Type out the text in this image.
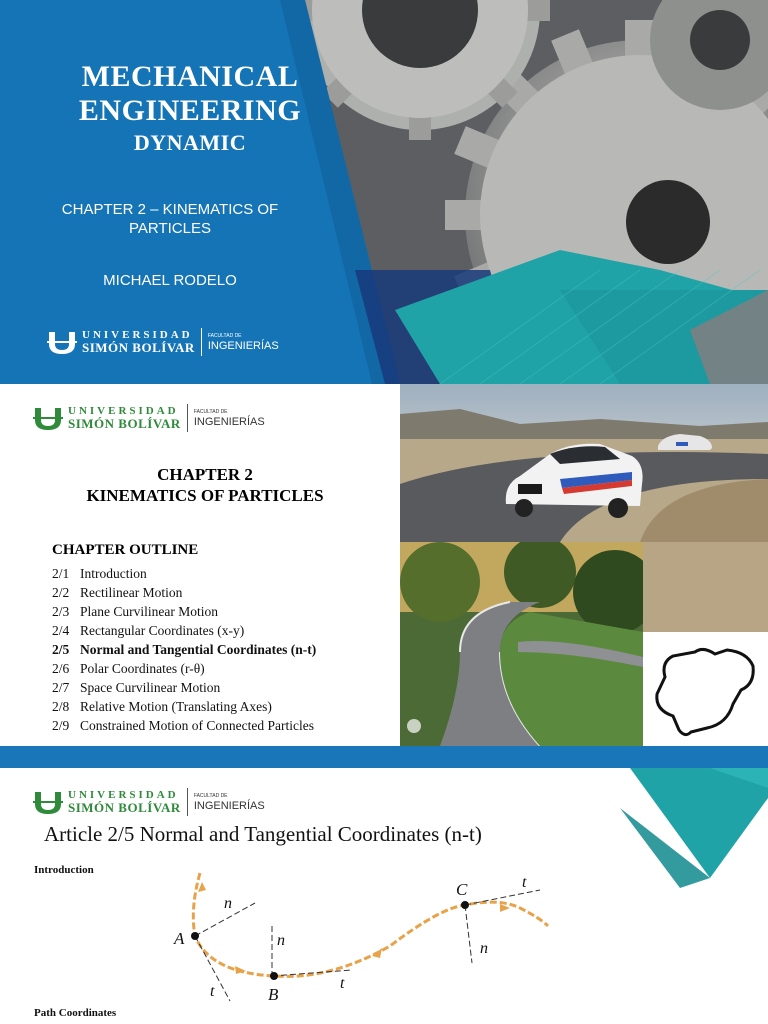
MECHANICAL
ENGINEERING
DYNAMIC
CHAPTER 2 – KINEMATICS OF PARTICLES
MICHAEL RODELO
UNIVERSIDAD
SIMÓN BOLÍVAR
FACULTAD DE
INGENIERÍAS
UNIVERSIDAD
SIMÓN BOLÍVAR
FACULTAD DE
INGENIERÍAS
CHAPTER 2
KINEMATICS OF PARTICLES
CHAPTER OUTLINE
2/1 Introduction
2/2 Rectilinear Motion
2/3 Plane Curvilinear Motion
2/4 Rectangular Coordinates (x-y)
2/5 Normal and Tangential Coordinates (n-t)
2/6 Polar Coordinates (r-θ)
2/7 Space Curvilinear Motion
2/8 Relative Motion (Translating Axes)
2/9 Constrained Motion of Connected Particles
UNIVERSIDAD
SIMÓN BOLÍVAR
FACULTAD DE
INGENIERÍAS
Article 2/5 Normal and Tangential Coordinates (n-t)
Introduction
Path Coordinates
A
n
t	B
n
t
C
n
t
